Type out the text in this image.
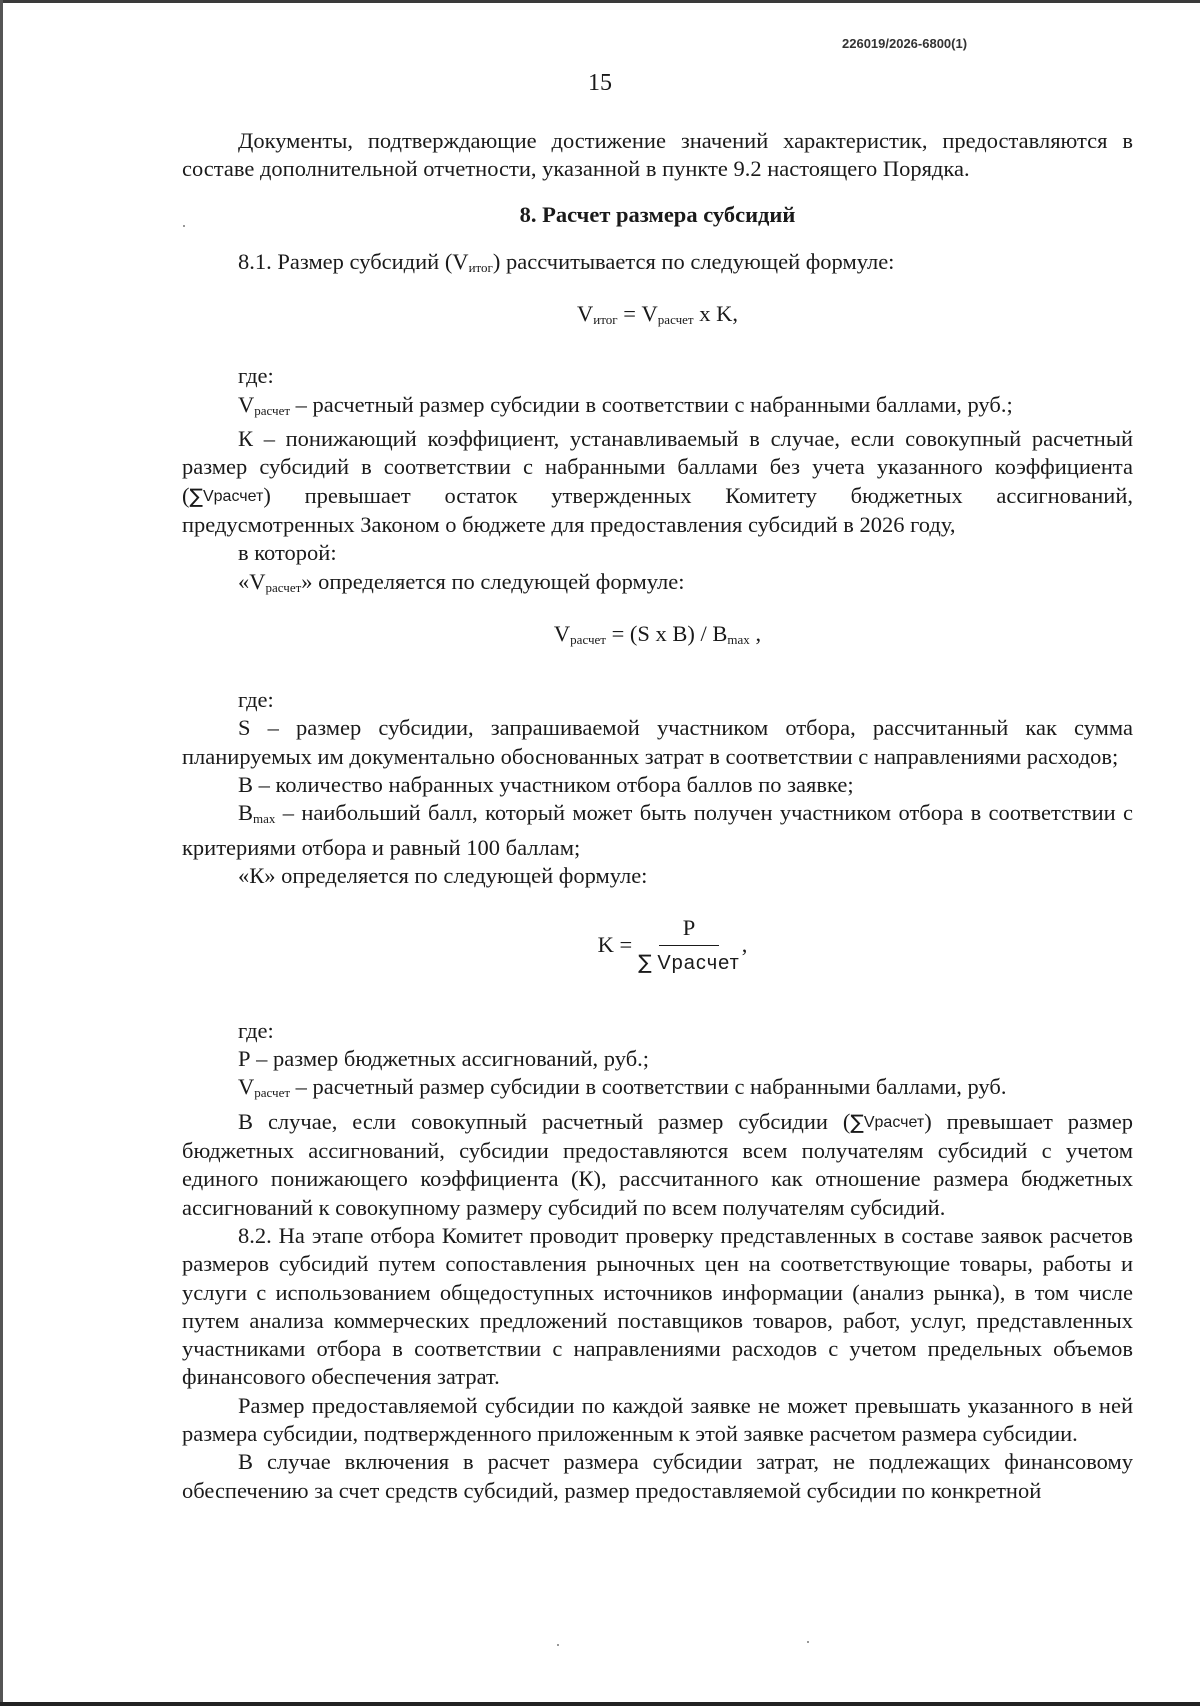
226019/2026-6800(1)
15

Документы, подтверждающие достижение значений характеристик, предоставляются в составе дополнительной отчетности, указанной в пункте 9.2 настоящего Порядка.

8. Расчет размера субсидий

8.1. Размер субсидий $(V_{итог})$ рассчитывается по следующей формуле:

$V_{итог} = V_{расчет}$ x K,

где:

$V_{расчет}$ – расчетный размер субсидии в соответствии с набранными баллами, руб.;

К – понижающий коэффициент, устанавливаемый в случае, если совокупный расчетный размер субсидий в соответствии с набранными баллами без учета указанного коэффициента (∑Vрасчет) превышает остаток утвержденных Комитету бюджетных ассигнований, предусмотренных Законом о бюджете для предоставления субсидий в 2026 году,

в которой:

«$V_{расчет}$» определяется по следующей формуле:

$V_{расчет} = (S$ x $B) / B_{max}$ ,

где:

S – размер субсидии, запрашиваемой участником отбора, рассчитанный как сумма планируемых им документально обоснованных затрат в соответствии с направлениями расходов;

В – количество набранных участником отбора баллов по заявке;

$B_{max}$ – наибольший балл, который может быть получен участником отбора в соответствии с критериями отбора и равный 100 баллам;

«К» определяется по следующей формуле:

$K = \frac{P}{\text{∑ Vрасчет}}$ ,

где:

Р – размер бюджетных ассигнований, руб.;

$V_{расчет}$ – расчетный размер субсидии в соответствии с набранными баллами, руб.

В случае, если совокупный расчетный размер субсидии (∑Vрасчет) превышает размер бюджетных ассигнований, субсидии предоставляются всем получателям субсидий с учетом единого понижающего коэффициента (К), рассчитанного как отношение размера бюджетных ассигнований к совокупному размеру субсидий по всем получателям субсидий.

8.2. На этапе отбора Комитет проводит проверку представленных в составе заявок расчетов размеров субсидий путем сопоставления рыночных цен на соответствующие товары, работы и услуги с использованием общедоступных источников информации (анализ рынка), в том числе путем анализа коммерческих предложений поставщиков товаров, работ, услуг, представленных участниками отбора в соответствии с направлениями расходов с учетом предельных объемов финансового обеспечения затрат.

Размер предоставляемой субсидии по каждой заявке не может превышать указанного в ней размера субсидии, подтвержденного приложенным к этой заявке расчетом размера субсидии.

В случае включения в расчет размера субсидии затрат, не подлежащих финансовому обеспечению за счет средств субсидий, размер предоставляемой субсидии по конкретной
